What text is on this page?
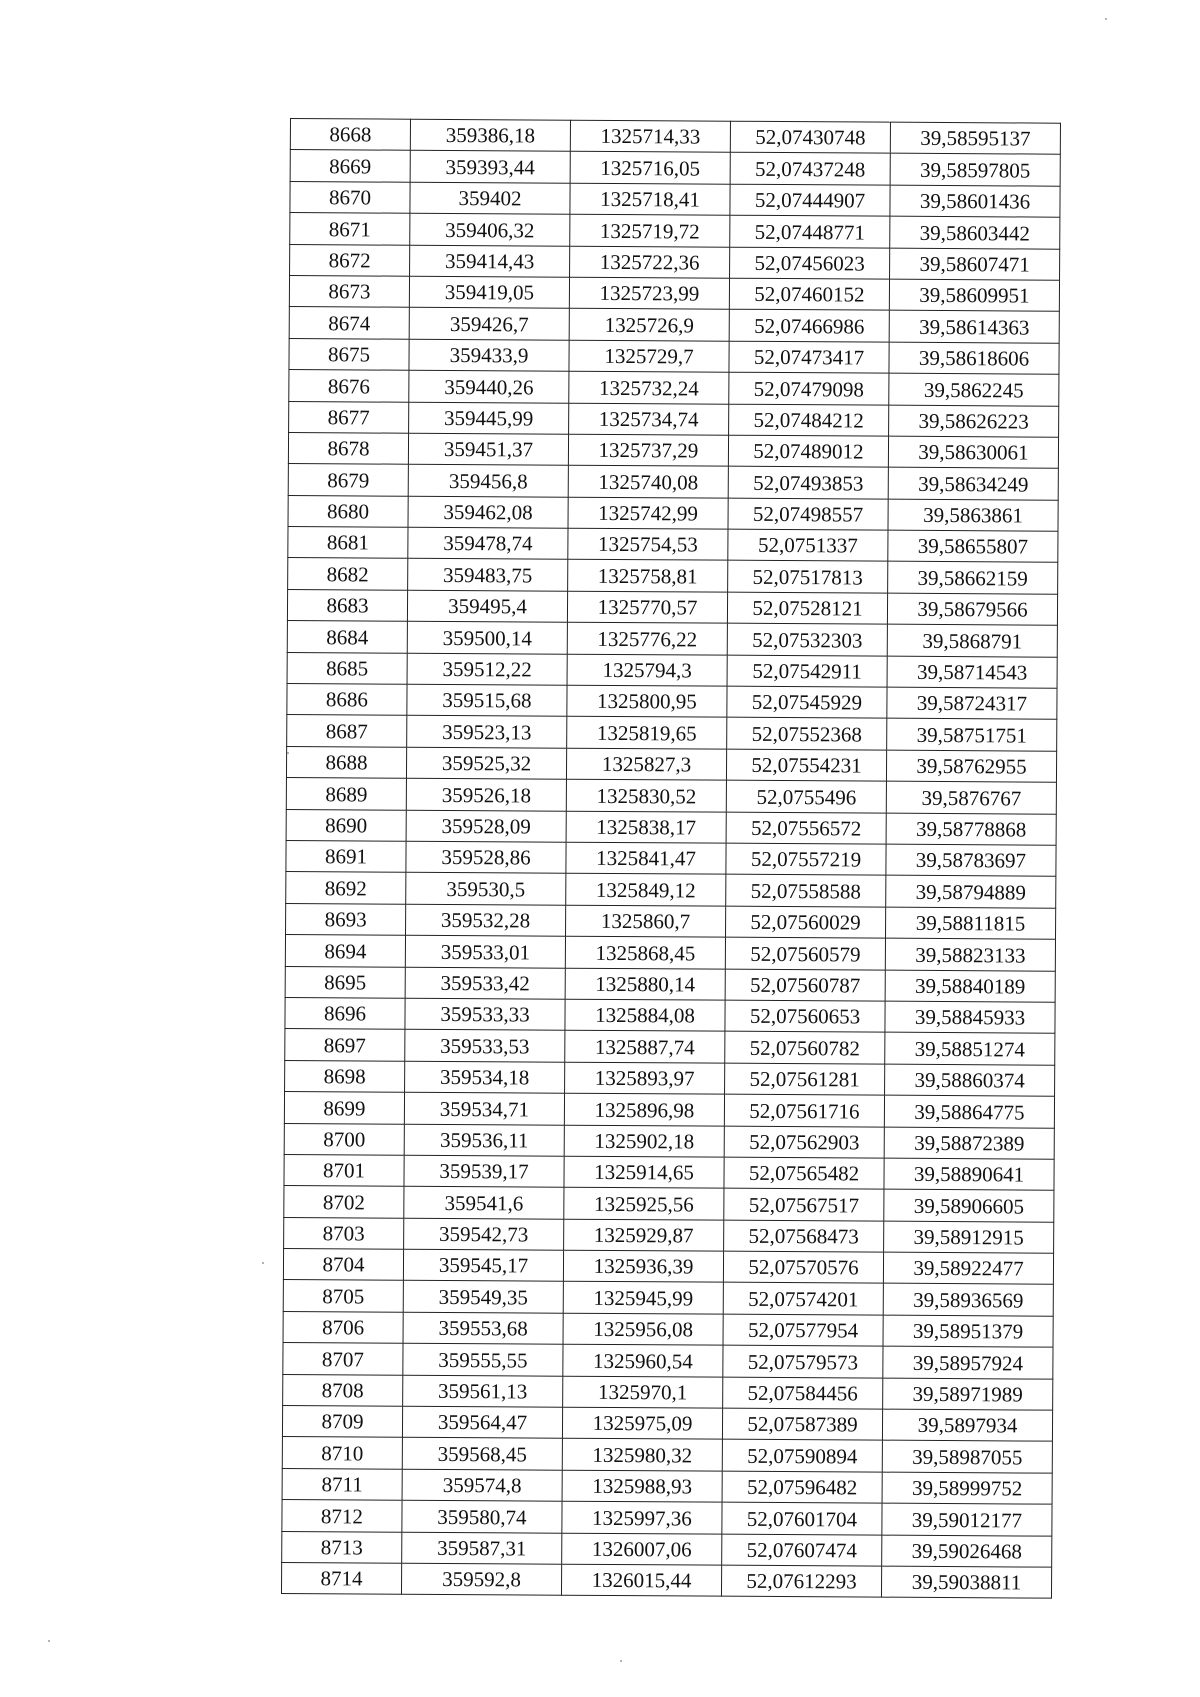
8668	359386,18	1325714,33	52,07430748	39,58595137
8669	359393,44	1325716,05	52,07437248	39,58597805
8670	359402	1325718,41	52,07444907	39,58601436
8671	359406,32	1325719,72	52,07448771	39,58603442
8672	359414,43	1325722,36	52,07456023	39,58607471
8673	359419,05	1325723,99	52,07460152	39,58609951
8674	359426,7	1325726,9	52,07466986	39,58614363
8675	359433,9	1325729,7	52,07473417	39,58618606
8676	359440,26	1325732,24	52,07479098	39,5862245
8677	359445,99	1325734,74	52,07484212	39,58626223
8678	359451,37	1325737,29	52,07489012	39,58630061
8679	359456,8	1325740,08	52,07493853	39,58634249
8680	359462,08	1325742,99	52,07498557	39,5863861
8681	359478,74	1325754,53	52,0751337	39,58655807
8682	359483,75	1325758,81	52,07517813	39,58662159
8683	359495,4	1325770,57	52,07528121	39,58679566
8684	359500,14	1325776,22	52,07532303	39,5868791
8685	359512,22	1325794,3	52,07542911	39,58714543
8686	359515,68	1325800,95	52,07545929	39,58724317
8687	359523,13	1325819,65	52,07552368	39,58751751
8688	359525,32	1325827,3	52,07554231	39,58762955
8689	359526,18	1325830,52	52,0755496	39,5876767
8690	359528,09	1325838,17	52,07556572	39,58778868
8691	359528,86	1325841,47	52,07557219	39,58783697
8692	359530,5	1325849,12	52,07558588	39,58794889
8693	359532,28	1325860,7	52,07560029	39,58811815
8694	359533,01	1325868,45	52,07560579	39,58823133
8695	359533,42	1325880,14	52,07560787	39,58840189
8696	359533,33	1325884,08	52,07560653	39,58845933
8697	359533,53	1325887,74	52,07560782	39,58851274
8698	359534,18	1325893,97	52,07561281	39,58860374
8699	359534,71	1325896,98	52,07561716	39,58864775
8700	359536,11	1325902,18	52,07562903	39,58872389
8701	359539,17	1325914,65	52,07565482	39,58890641
8702	359541,6	1325925,56	52,07567517	39,58906605
8703	359542,73	1325929,87	52,07568473	39,58912915
8704	359545,17	1325936,39	52,07570576	39,58922477
8705	359549,35	1325945,99	52,07574201	39,58936569
8706	359553,68	1325956,08	52,07577954	39,58951379
8707	359555,55	1325960,54	52,07579573	39,58957924
8708	359561,13	1325970,1	52,07584456	39,58971989
8709	359564,47	1325975,09	52,07587389	39,5897934
8710	359568,45	1325980,32	52,07590894	39,58987055
8711	359574,8	1325988,93	52,07596482	39,58999752
8712	359580,74	1325997,36	52,07601704	39,59012177
8713	359587,31	1326007,06	52,07607474	39,59026468
8714	359592,8	1326015,44	52,07612293	39,59038811
